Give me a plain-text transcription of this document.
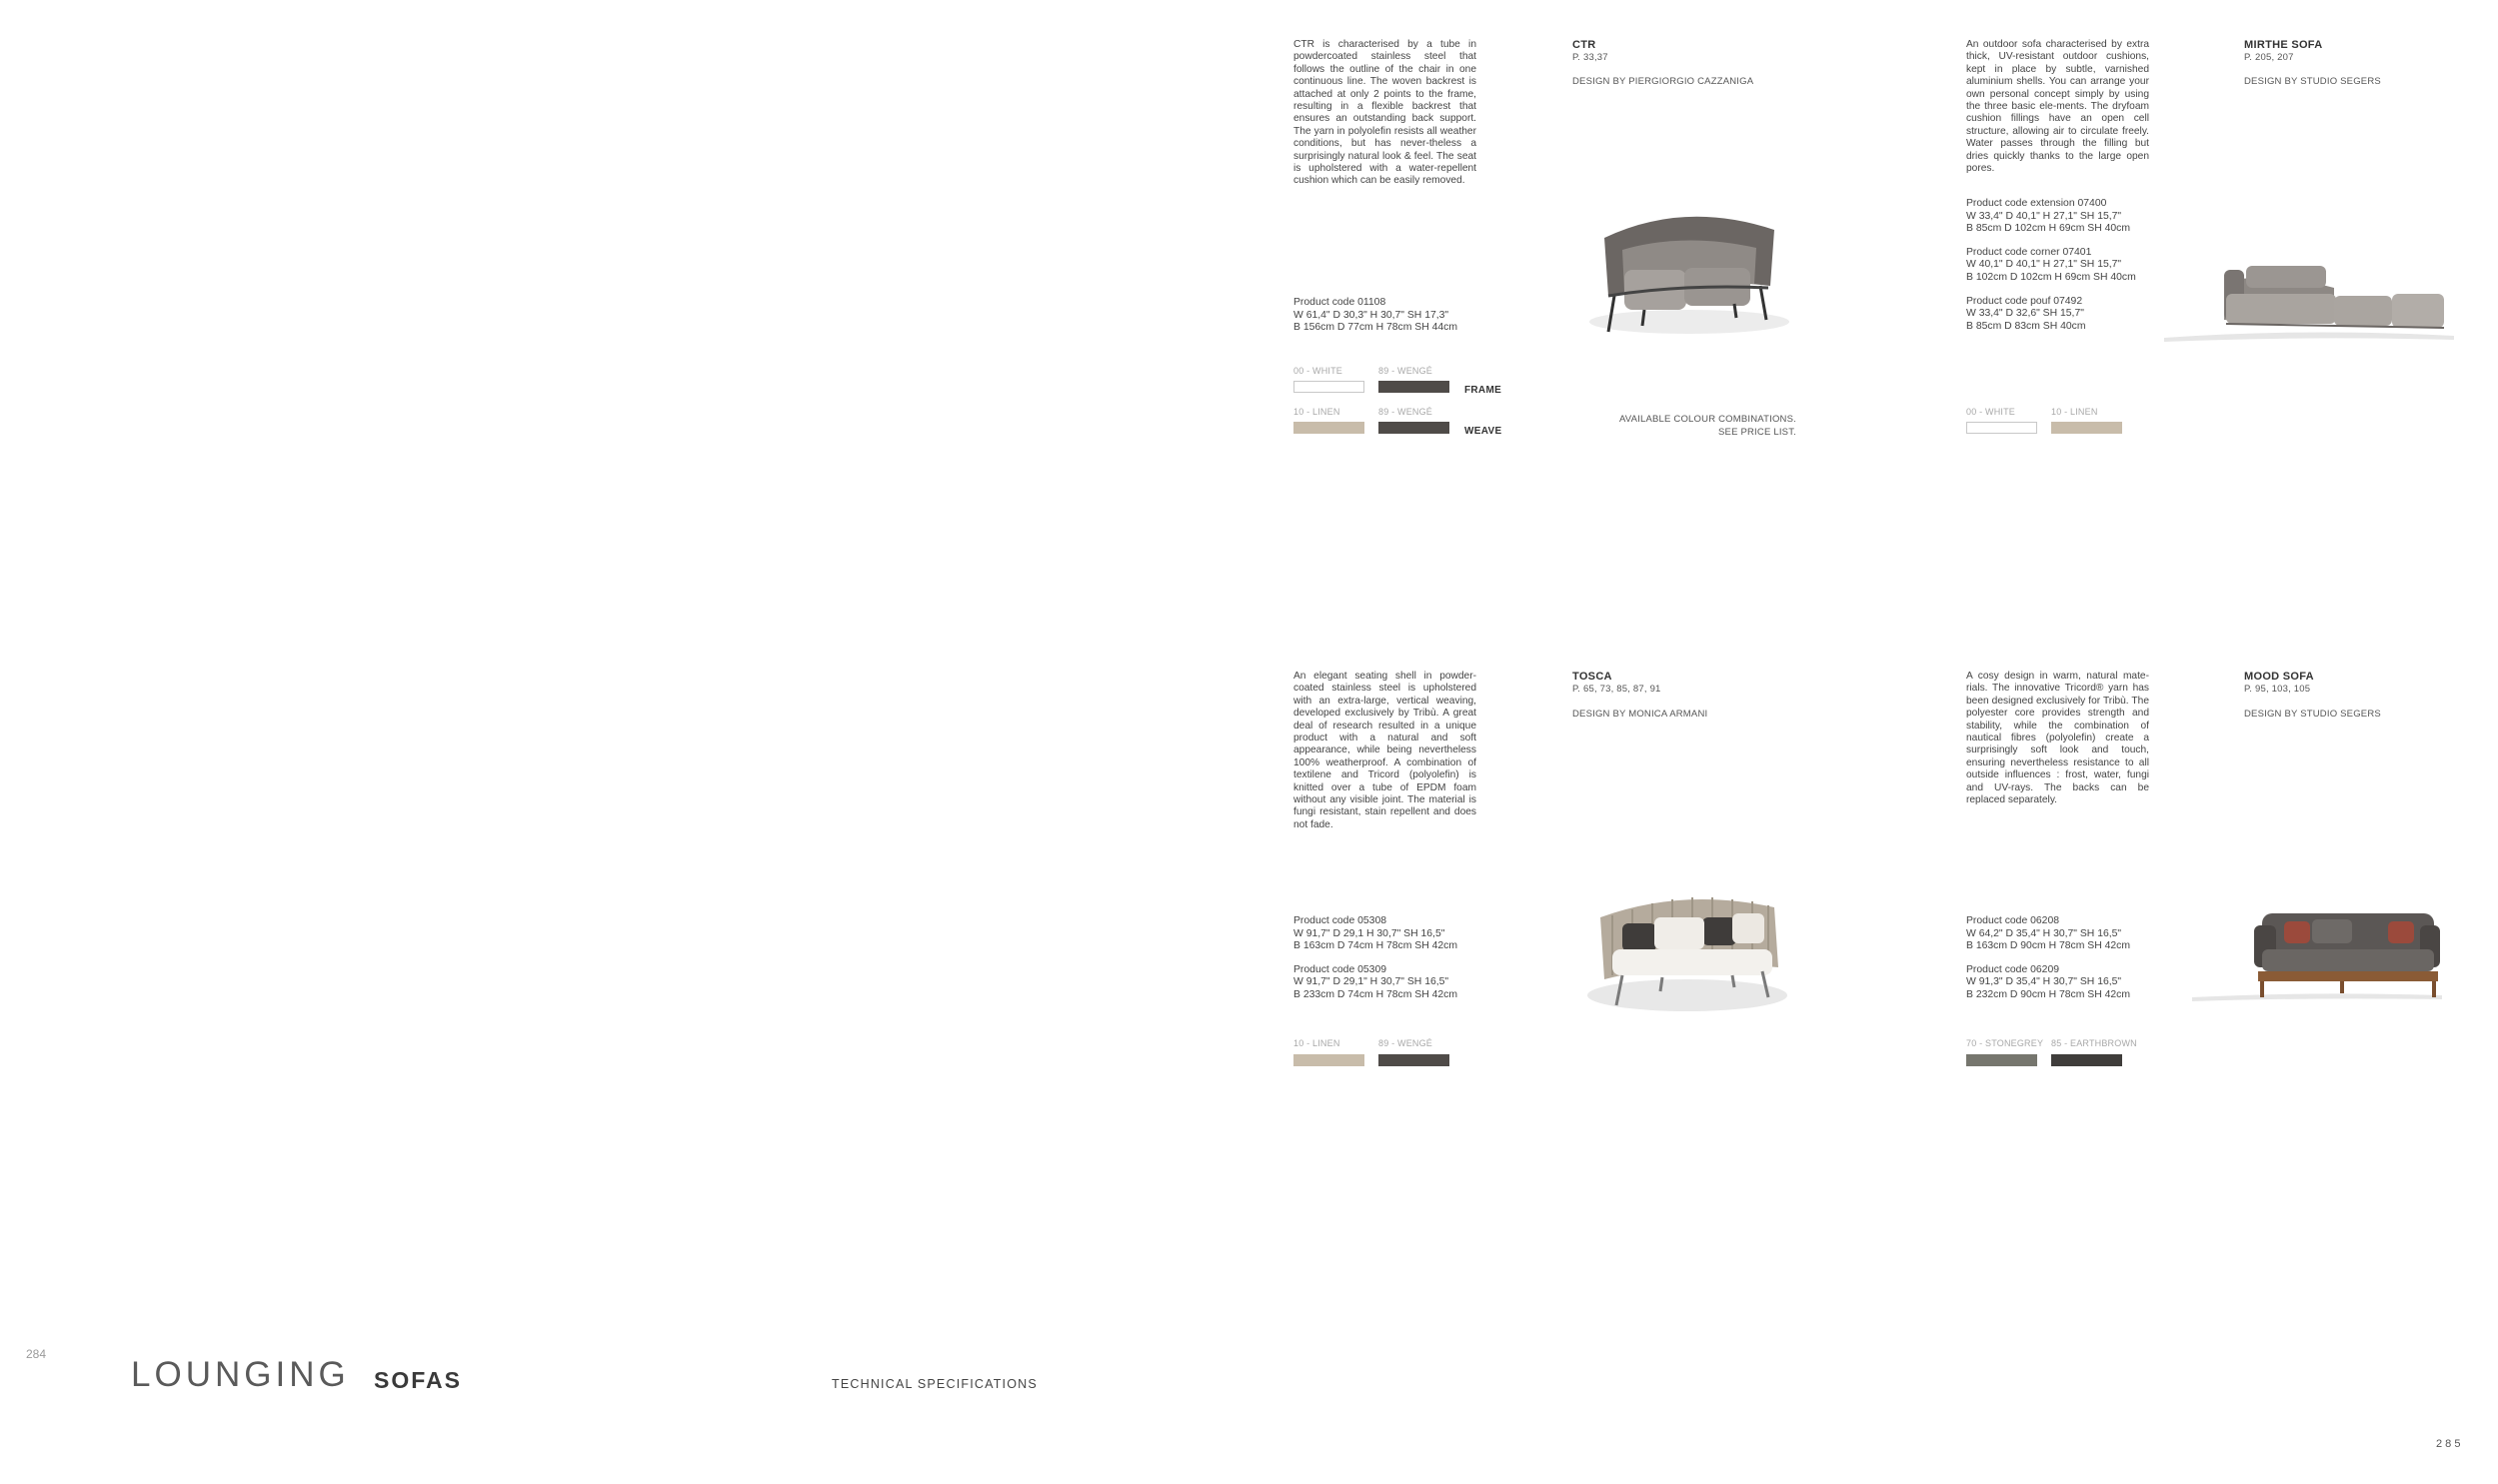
284
LOUNGING SOFAS	TECHNICAL SPECIFICATIONS
2 8 5
CTR is characterised by a tube in powdercoated stainless steel that follows the outline of the chair in one continuous line. The woven backrest is attached at only 2 points to the frame, resulting in a flexible backrest that ensures an outstanding back support. The yarn in polyolefin resists all weather conditions, but has never-theless a surprisingly natural look & feel. The seat is upholstered with a water-repellent cushion which can be easily removed.
CTR
P. 33,37
DESIGN BY PIERGIORGIO CAZZANIGA
Product code 01108
W 61,4" D 30,3" H 30,7" SH 17,3"
B 156cm D 77cm H 78cm SH 44cm
00 - WHITE	89 - WENGÉ
FRAME
10 - LINEN	89 - WENGÉ
WEAVE
AVAILABLE COLOUR COMBINATIONS.
SEE PRICE LIST.
An outdoor sofa characterised by extra thick, UV-resistant outdoor cushions, kept in place by subtle, varnished aluminium shells. You can arrange your own personal concept simply by using the three basic ele-ments. The dryfoam cushion fillings have an open cell structure, allowing air to circulate freely. Water passes through the filling but dries quickly thanks to the large open pores.
MIRTHE SOFA
P. 205, 207
DESIGN BY STUDIO SEGERS
Product code extension 07400
W 33,4" D 40,1" H 27,1" SH 15,7"
B 85cm D 102cm H 69cm SH 40cm
Product code corner 07401
W 40,1" D 40,1" H 27,1" SH 15,7"
B 102cm D 102cm H 69cm SH 40cm
Product code pouf 07492
W 33,4" D 32,6" SH 15,7"
B 85cm D 83cm SH 40cm
00 - WHITE	10 - LINEN
An elegant seating shell in powder-coated stainless steel is upholstered with an extra-large, vertical weaving, developed exclusively by Tribù. A great deal of research resulted in a unique product with a natural and soft appearance, while being nevertheless 100% weatherproof. A combination of textilene and Tricord (polyolefin) is knitted over a tube of EPDM foam without any visible joint. The material is fungi resistant, stain repellent and does not fade.
TOSCA
P. 65, 73, 85, 87, 91
DESIGN BY MONICA ARMANI
Product code 05308
W 91,7" D 29,1 H 30,7" SH 16,5"
B 163cm D 74cm H 78cm SH 42cm
Product code 05309
W 91,7" D 29,1" H 30,7" SH 16,5"
B 233cm D 74cm H 78cm SH 42cm
10 - LINEN	89 - WENGÉ
A cosy design in warm, natural mate-rials. The innovative Tricord® yarn has been designed exclusively for Tribù. The polyester core provides strength and stability, while the combination of nautical fibres (polyolefin) create a surprisingly soft look and touch, ensuring nevertheless resistance to all outside influences : frost, water, fungi and UV-rays. The backs can be replaced separately.
MOOD SOFA
P. 95, 103, 105
DESIGN BY STUDIO SEGERS
Product code 06208
W 64,2" D 35,4" H 30,7" SH 16,5"
B 163cm D 90cm H 78cm SH 42cm
Product code 06209
W 91,3" D 35,4" H 30,7" SH 16,5"
B 232cm D 90cm H 78cm SH 42cm
70 - STONEGREY 85 - EARTHBROWN
